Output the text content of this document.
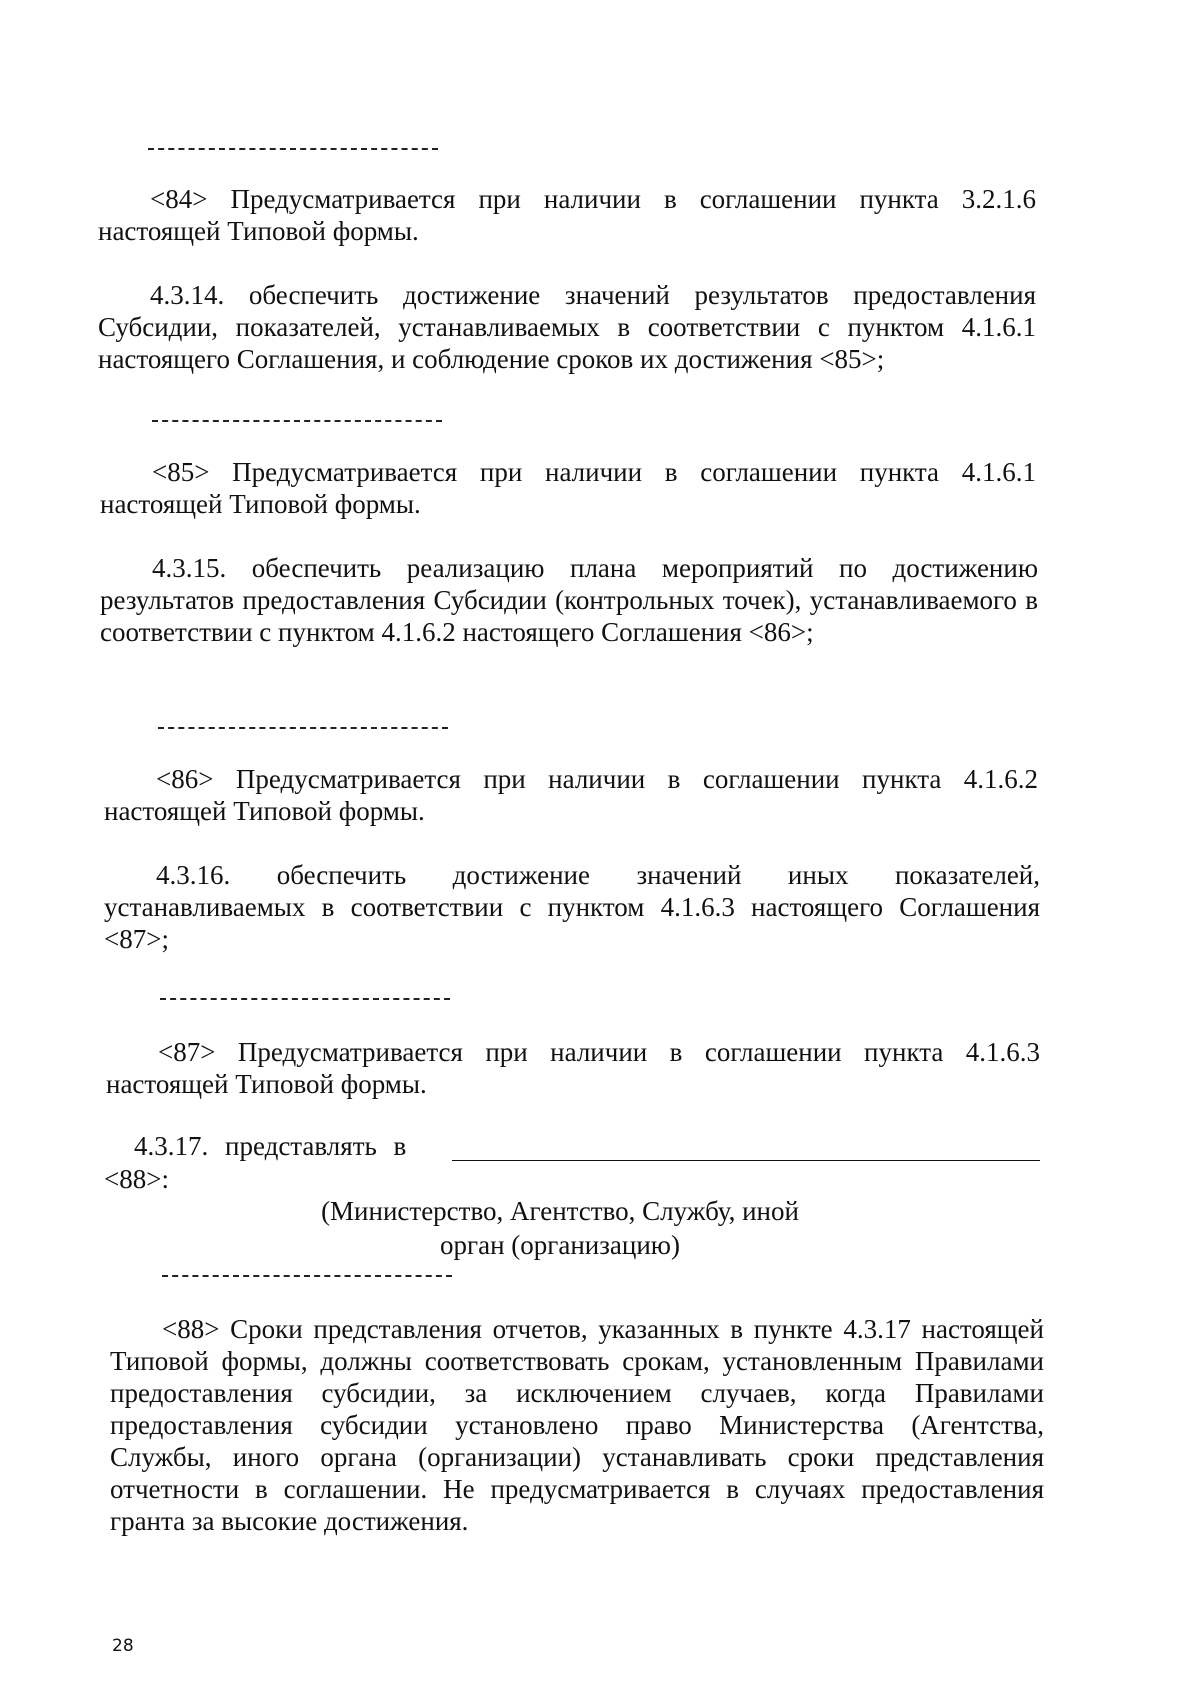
<84> Предусматривается при наличии в соглашении пункта 3.2.1.6 настоящей Типовой формы.
4.3.14. обеспечить достижение значений результатов предоставления Субсидии, показателей, устанавливаемых в соответствии с пунктом 4.1.6.1 настоящего Соглашения, и соблюдение сроков их достижения <85>;
<85> Предусматривается при наличии в соглашении пункта 4.1.6.1 настоящей Типовой формы.
4.3.15. обеспечить реализацию плана мероприятий по достижению результатов предоставления Субсидии (контрольных точек), устанавливаемого в соответствии с пунктом 4.1.6.2 настоящего Соглашения <86>;
<86> Предусматривается при наличии в соглашении пункта 4.1.6.2 настоящей Типовой формы.
4.3.16. обеспечить достижение значений иных показателей, устанавливаемых в соответствии с пунктом 4.1.6.3 настоящего Соглашения <87>;
<87> Предусматривается при наличии в соглашении пункта 4.1.6.3 настоящей Типовой формы.
4.3.17. представлять в
<88>:
(Министерство, Агентство, Службу, иной
орган (организацию)
<88> Сроки представления отчетов, указанных в пункте 4.3.17 настоящей Типовой формы, должны соответствовать срокам, установленным Правилами предоставления субсидии, за исключением случаев, когда Правилами предоставления субсидии установлено право Министерства (Агентства, Службы, иного органа (организации) устанавливать сроки представления отчетности в соглашении. Не предусматривается в случаях предоставления гранта за высокие достижения.
28
